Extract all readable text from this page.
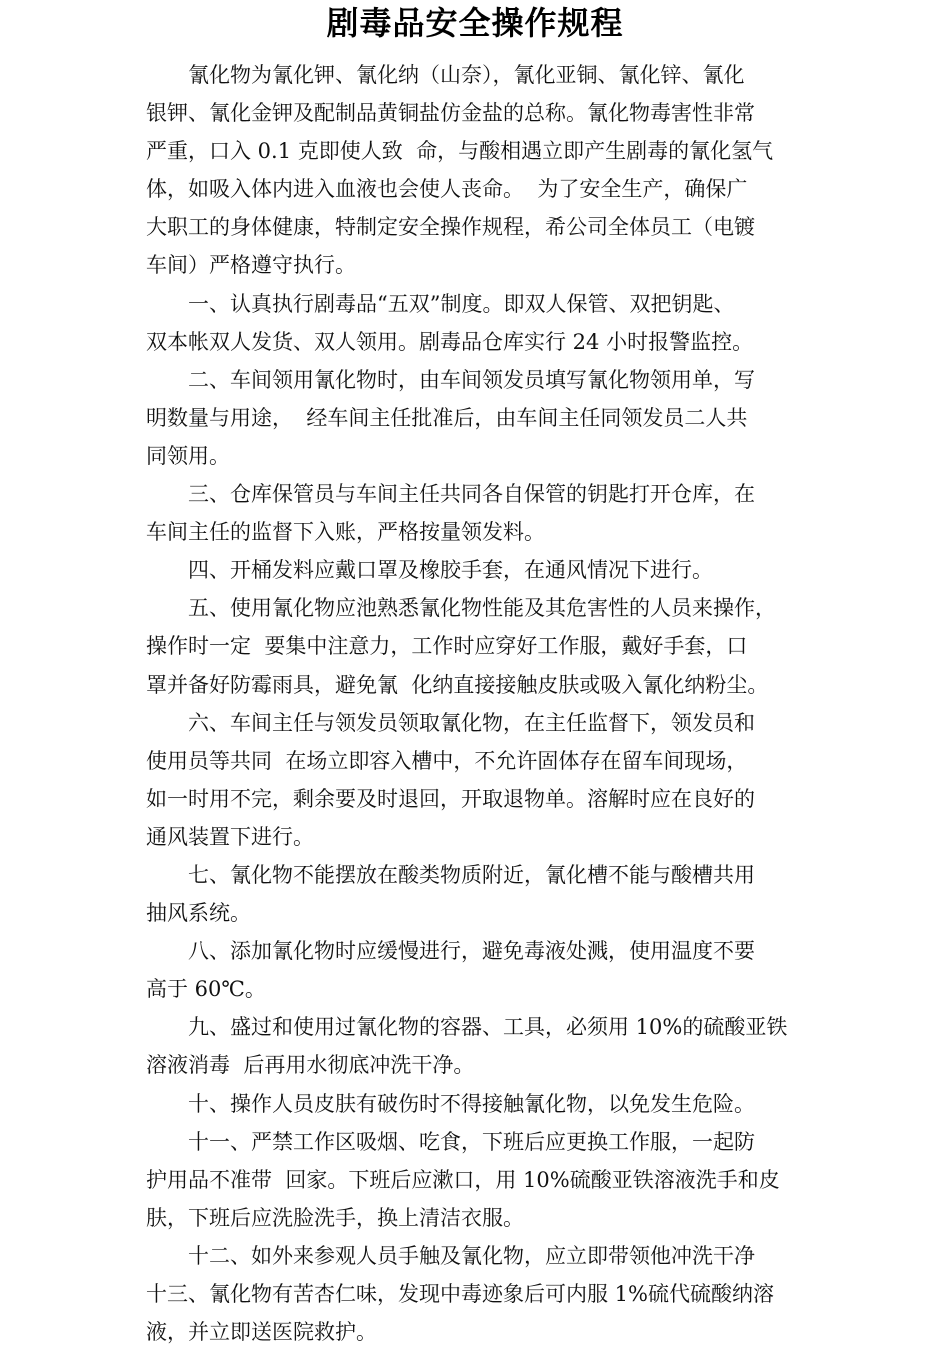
剧毒品安全操作规程
氰化物为氰化钾、氰化纳（山奈），氰化亚铜、氰化锌、氰化
银钾、氰化金钾及配制品黄铜盐仿金盐的总称。氰化物毒害性非常
严重，口入 0.1 克即使人致  命，与酸相遇立即产生剧毒的氰化氢气
体，如吸入体内进入血液也会使人丧命。  为了安全生产，确保广
大职工的身体健康，特制定安全操作规程，希公司全体员工（电镀
车间）严格遵守执行。
一、认真执行剧毒品“五双”制度。即双人保管、双把钥匙、
双本帐双人发货、双人领用。剧毒品仓库实行 24 小时报警监控。
二、车间领用氰化物时，由车间领发员填写氰化物领用单，写
明数量与用途，  经车间主任批准后，由车间主任同领发员二人共
同领用。
三、仓库保管员与车间主任共同各自保管的钥匙打开仓库，在
车间主任的监督下入账，严格按量领发料。
四、开桶发料应戴口罩及橡胶手套，在通风情况下进行。
五、使用氰化物应池熟悉氰化物性能及其危害性的人员来操作，
操作时一定  要集中注意力，工作时应穿好工作服，戴好手套，口
罩并备好防霉雨具，避免氰  化纳直接接触皮肤或吸入氰化纳粉尘。
六、车间主任与领发员领取氰化物，在主任监督下，领发员和
使用员等共同  在场立即容入槽中，不允许固体存在留车间现场，
如一时用不完，剩余要及时退回，开取退物单。溶解时应在良好的
通风装置下进行。
七、氰化物不能摆放在酸类物质附近，氰化槽不能与酸槽共用
抽风系统。
八、添加氰化物时应缓慢进行，避免毒液处溅，使用温度不要
高于 60℃。
九、盛过和使用过氰化物的容器、工具，必须用 10%的硫酸亚铁
溶液消毒  后再用水彻底冲洗干净。
十、操作人员皮肤有破伤时不得接触氰化物，以免发生危险。
十一、严禁工作区吸烟、吃食，下班后应更换工作服，一起防
护用品不准带  回家。下班后应漱口，用 10%硫酸亚铁溶液洗手和皮
肤，下班后应洗脸洗手，换上清洁衣服。
十二、如外来参观人员手触及氰化物，应立即带领他冲洗干净
十三、氰化物有苦杏仁味，发现中毒迹象后可内服 1%硫代硫酸纳溶
液，并立即送医院救护。
